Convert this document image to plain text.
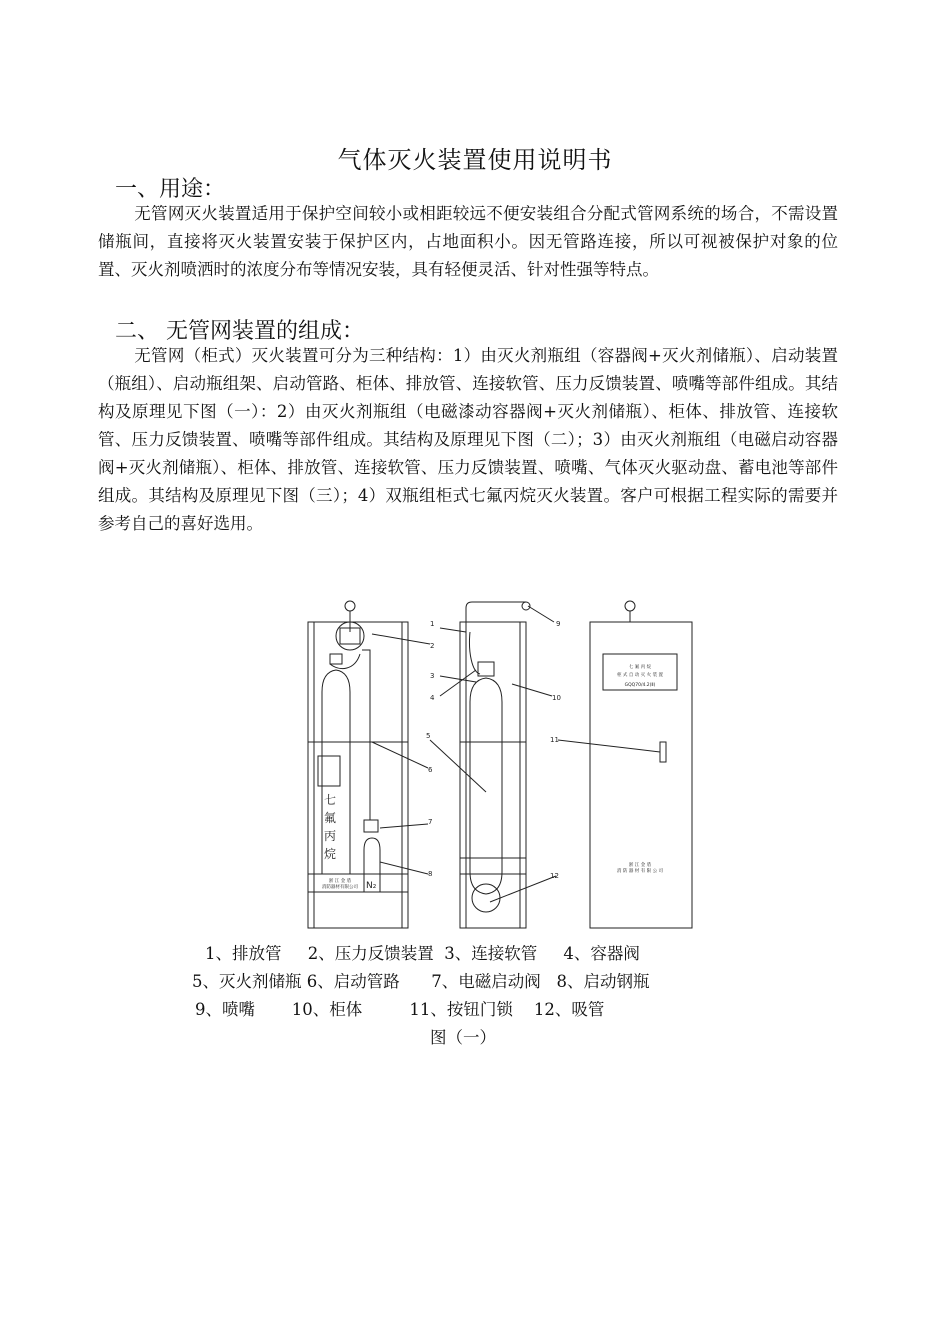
气体灭火装置使用说明书
一、用途：
无管网灭火装置适用于保护空间较小或相距较远不便安装组合分配式管网系统的场合，不需设置储瓶间，直接将灭火装置安装于保护区内，占地面积小。因无管路连接，所以可视被保护对象的位置、灭火剂喷洒时的浓度分布等情况安装，具有轻便灵活、针对性强等特点。
二、 无管网装置的组成：
无管网（柜式）灭火装置可分为三种结构：1）由灭火剂瓶组（容器阀+灭火剂储瓶）、启动装置（瓶组）、启动瓶组架、启动管路、柜体、排放管、连接软管、压力反馈装置、喷嘴等部件组成。其结构及原理见下图（一）：2）由灭火剂瓶组（电磁漆动容器阀+灭火剂储瓶）、柜体、排放管、连接软管、压力反馈装置、喷嘴等部件组成。其结构及原理见下图（二）；3）由灭火剂瓶组（电磁启动容器阀+灭火剂储瓶）、柜体、排放管、连接软管、压力反馈装置、喷嘴、气体灭火驱动盘、蓄电池等部件组成。其结构及原理见下图（三）；4）双瓶组柜式七氟丙烷灭火装置。客户可根据工程实际的需要并参考自己的喜好选用。
1
2
3
4
5
6
7
8
9
10
11
12
七
氟
丙
烷
N₂
七 氟 丙 烷
柜 式 自 动 灭 火 装 置
GQQ70/4.2(Ⅱ)
浙 江 金 盾
消 防 器 材 有 限 公 司
浙 江 金 盾
消防器材有限公司
1、排放管     2、压力反馈装置  3、连接软管     4、容器阀
5、灭火剂储瓶 6、启动管路      7、电磁启动阀   8、启动钢瓶
9、喷嘴       10、柜体         11、按钮门锁    12、吸管
图（一）
